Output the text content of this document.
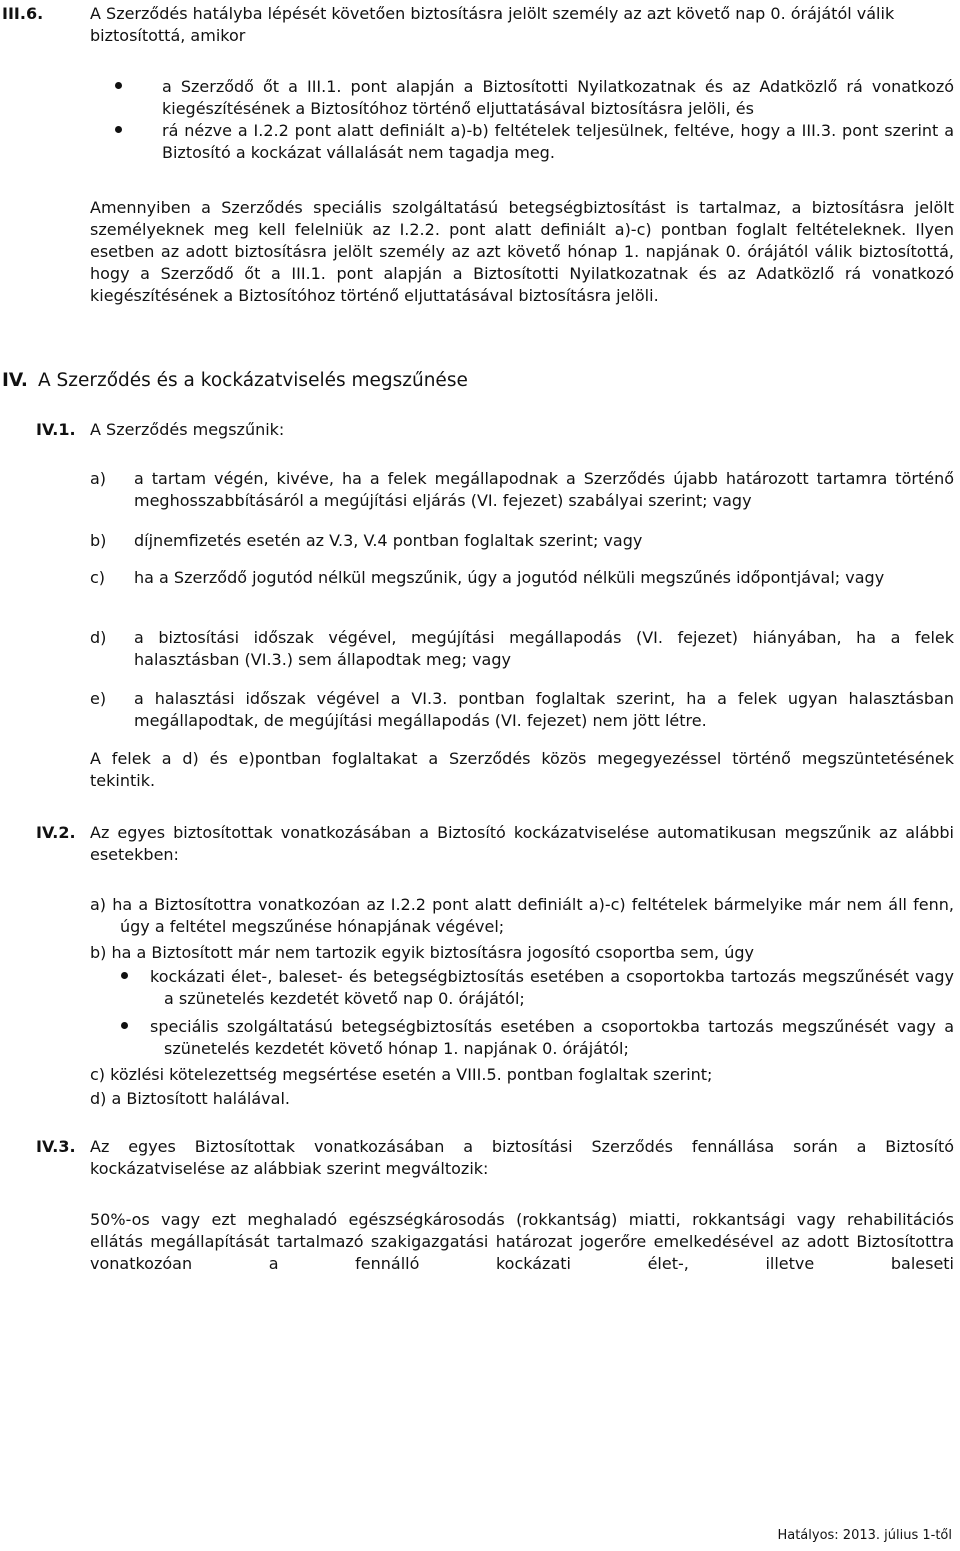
III.6.	A Szerződés hatályba lépését követően biztosításra jelölt személy az azt követő nap 0. órájától válik biztosítottá, amikor
a Szerződő őt a III.1. pont alapján a Biztosítotti Nyilatkozatnak és az Adatközlő rá vonatkozó kiegészítésének a Biztosítóhoz történő eljuttatásával biztosításra jelöli, és
rá nézve a I.2.2 pont alatt definiált a)-b) feltételek teljesülnek, feltéve, hogy a III.3. pont szerint a Biztosító a kockázat vállalását nem tagadja meg.
Amennyiben a Szerződés speciális szolgáltatású betegségbiztosítást is tartalmaz, a biztosításra jelölt személyeknek meg kell felelniük az I.2.2. pont alatt definiált a)-c) pontban foglalt feltételeknek. Ilyen esetben az adott biztosításra jelölt személy az azt követő hónap 1. napjának 0. órájától válik biztosítottá, hogy a Szerződő őt a III.1. pont alapján a Biztosítotti Nyilatkozatnak és az Adatközlő rá vonatkozó kiegészítésének a Biztosítóhoz történő eljuttatásával biztosításra jelöli.
IV. A Szerződés és a kockázatviselés megszűnése
IV.1. A Szerződés megszűnik:
a) a tartam végén, kivéve, ha a felek megállapodnak a Szerződés újabb határozott tartamra történő meghosszabbításáról a megújítási eljárás (VI. fejezet) szabályai szerint; vagy
b) díjnemfizetés esetén az V.3, V.4 pontban foglaltak szerint; vagy
c) ha a Szerződő jogutód nélkül megszűnik, úgy a jogutód nélküli megszűnés időpontjával; vagy
d) a biztosítási időszak végével, megújítási megállapodás (VI. fejezet) hiányában, ha a felek halasztásban (VI.3.) sem állapodtak meg; vagy
e) a halasztási időszak végével a VI.3. pontban foglaltak szerint, ha a felek ugyan halasztásban megállapodtak, de megújítási megállapodás (VI. fejezet) nem jött létre.
A felek a d) és e)pontban foglaltakat a Szerződés közös megegyezéssel történő megszüntetésének tekintik.
IV.2. Az egyes biztosítottak vonatkozásában a Biztosító kockázatviselése automatikusan megszűnik az alábbi esetekben:
a) ha a Biztosítottra vonatkozóan az I.2.2 pont alatt definiált a)-c) feltételek bármelyike már nem áll fenn, úgy a feltétel megszűnése hónapjának végével;
b) ha a Biztosított már nem tartozik egyik biztosításra jogosító csoportba sem, úgy
kockázati élet-, baleset- és betegségbiztosítás esetében a csoportokba tartozás megszűnését vagy a szünetelés kezdetét követő nap 0. órájától;
speciális szolgáltatású betegségbiztosítás esetében a csoportokba tartozás megszűnését vagy a szünetelés kezdetét követő hónap 1. napjának 0. órájától;
c) közlési kötelezettség megsértése esetén a VIII.5. pontban foglaltak szerint;
d) a Biztosított halálával.
IV.3. Az egyes Biztosítottak vonatkozásában a biztosítási Szerződés fennállása során a Biztosító kockázatviselése az alábbiak szerint megváltozik:
50%-os vagy ezt meghaladó egészségkárosodás (rokkantság) miatti, rokkantsági vagy rehabilitációs ellátás megállapítását tartalmazó szakigazgatási határozat jogerőre emelkedésével az adott Biztosítottra vonatkozóan a fennálló kockázati élet-, illetve baleseti
Hatályos: 2013. július 1-től
